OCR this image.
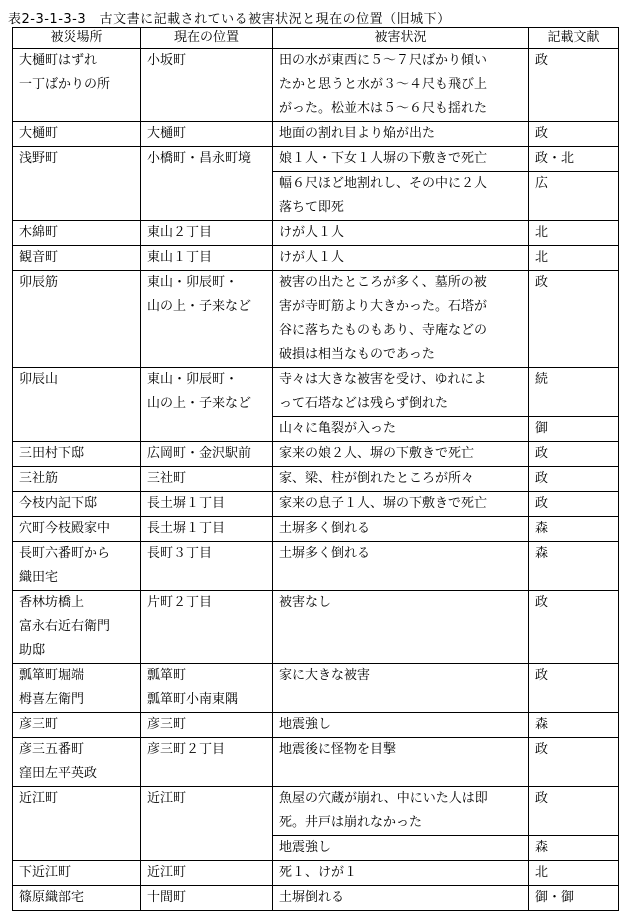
表2-3-1-3-3　古文書に記載されている被害状況と現在の位置（旧城下）
被災場所	現在の位置	被害状況	記載文献

大樋町はずれ
一丁ばかりの所	小坂町	田の水が東西に５～７尺ばかり傾い
たかと思うと水が３～４尺も飛び上
がった。松並木は５～６尺も揺れた	政

大樋町	大樋町	地面の割れ目より焔が出た	政

浅野町	小橋町・昌永町境	娘１人・下女１人塀の下敷きで死亡	政・北

		幅６尺ほど地割れし、その中に２人
落ちて即死	広

木綿町	東山２丁目	けが人１人	北

観音町	東山１丁目	けが人１人	北

卯辰筋	東山・卯辰町・
山の上・子来など	被害の出たところが多く、墓所の被
害が寺町筋より大きかった。石塔が
谷に落ちたものもあり、寺庵などの
破損は相当なものであった	政

卯辰山	東山・卯辰町・
山の上・子来など	寺々は大きな被害を受け、ゆれによ
って石塔などは残らず倒れた	続

		山々に亀裂が入った	御

三田村下邸	広岡町・金沢駅前	家来の娘２人、塀の下敷きで死亡	政

三社筋	三社町	家、梁、柱が倒れたところが所々	政

今枝内記下邸	長土塀１丁目	家来の息子１人、塀の下敷きで死亡	政

穴町今枝殿家中	長土塀１丁目	土塀多く倒れる	森

長町六番町から
織田宅	長町３丁目	土塀多く倒れる	森

香林坊橋上
富永右近右衛門
助邸	片町２丁目	被害なし	政

瓢箪町堀端
栂喜左衛門	瓢箪町
瓢箪町小南東隅	家に大きな被害	政

彦三町	彦三町	地震強し	森

彦三五番町
窪田左平英政	彦三町２丁目	地震後に怪物を目撃	政

近江町	近江町	魚屋の穴蔵が崩れ、中にいた人は即
死。井戸は崩れなかった	政

		地震強し	森

下近江町	近江町	死１、けが１	北

篠原織部宅	十間町	土塀倒れる	御・御
